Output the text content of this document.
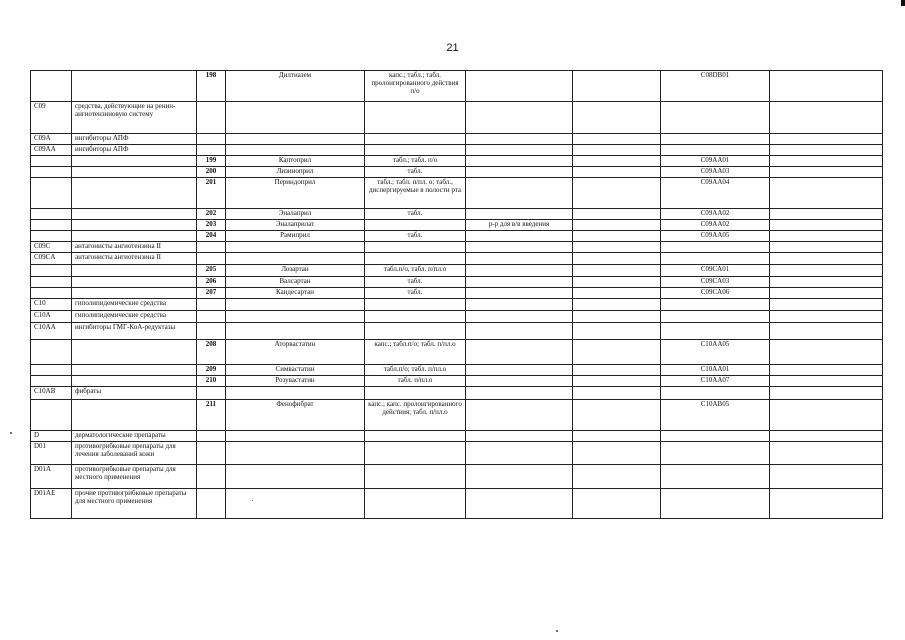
21
		198	Дилтиазем	капс.; табл.; табл. пролонгированного действия п/о			C08DB01	
C09	средства, действующие на ренин-ангиотензиновую систему							
C09A	ингибиторы АПФ							
C09AA	ингибиторы АПФ							
		199	Каптоприл	табл.; табл. п/о			C09AA01	
		200	Лизиноприл	табл.			C09AA03	
		201	Периндоприл	табл.; табл. п/пл. о; табл., диспергируемые в полости рта			C09AA04	
		202	Эналаприл	табл.			C09AA02	
		203	Эналаприлат		р-р для в/в введения		C09AA02	
		204	Рамиприл	табл.			C09AA05	
C09C	антагонисты ангиотензина II							
C09CA	антагонисты ангиотензина II							
		205	Лозартан	табл.п/о, табл. п/пл.о			C09CA01	
		206	Валсартан	табл.			C09CA03	
		207	Кандесартан	табл.			C09CA06	
C10	гиполипидемические средства							
C10A	гиполипидемические средства							
C10AA	ингибиторы ГМГ-КоА-редуктазы							
		208	Аторвастатин	капс.; табл.п/о; табл. п/пл.о			C10AA05	
		209	Симвастатин	табл.п/о; табл. п/пл.о			C10AA01	
		210	Розувастатин	табл. п/пл.о			C10AA07	
C10AB	фибраты							
		211	Фенофибрат	капс.; капс. пролонгированного действия; табл. п/пл.о			C10AB05	
D	дерматологические препараты							
D01	противогрибковые препараты для лечения заболеваний кожи							
D01A	противогрибковые препараты для местного применения							
D01AE	прочие противогрибковые препараты для местного применения							
